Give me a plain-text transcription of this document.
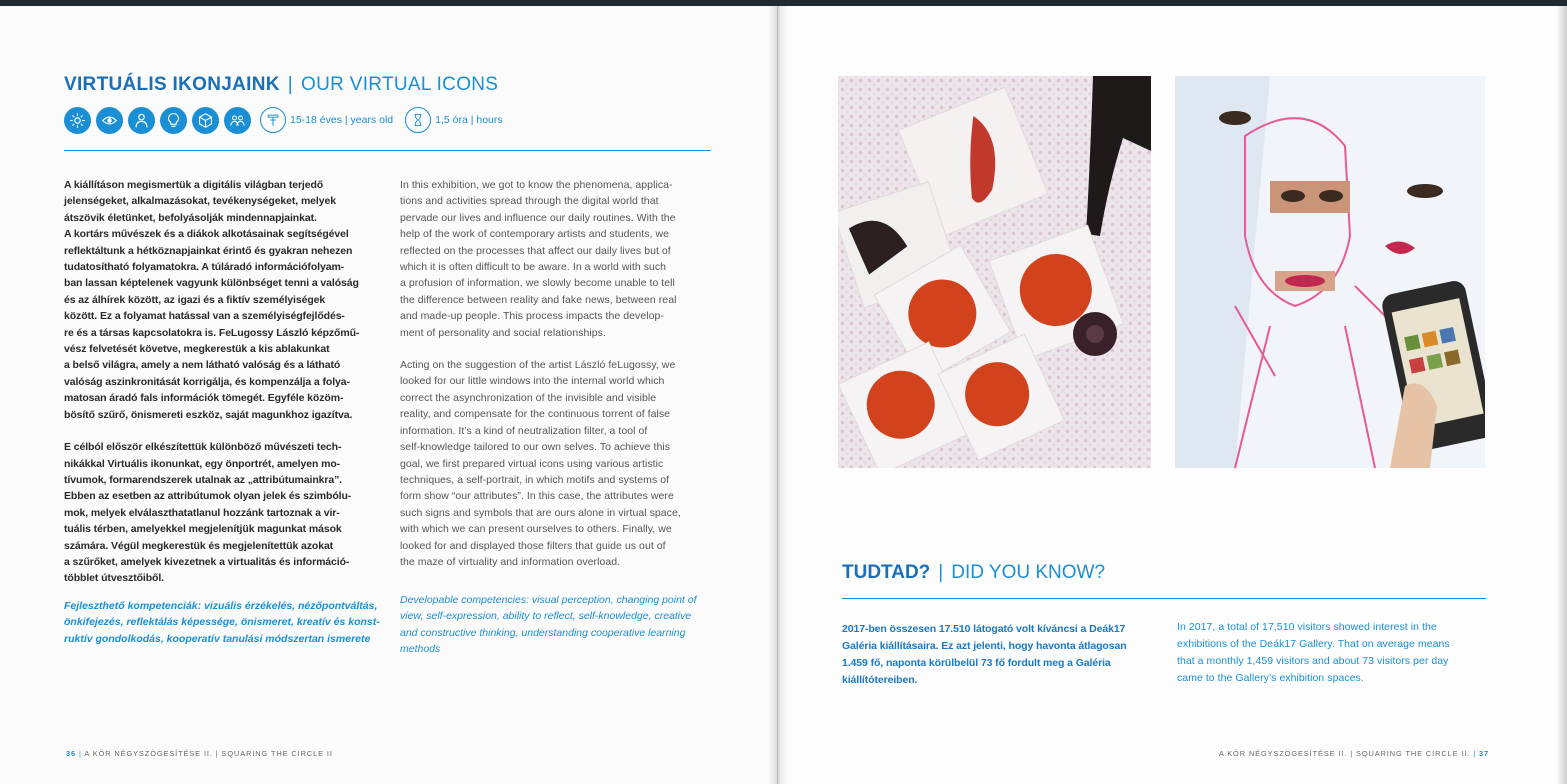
VIRTUÁLIS IKONJAINK | OUR VIRTUAL ICONS
15-18 éves | years old	1,5 óra | hours

A kiállításon megismertük a digitális világban terjedő
jelenségeket, alkalmazásokat, tevékenységeket, melyek
átszövik életünket, befolyásolják mindennapjainkat.
A kortárs művészek és a diákok alkotásainak segítségével
reflektáltunk a hétköznapjainkat érintő és gyakran nehezen
tudatosítható folyamatokra. A túláradó információfolyam-
ban lassan képtelenek vagyunk különbséget tenni a valóság
és az álhírek között, az igazi és a fiktív személyiségek
között. Ez a folyamat hatással van a személyiségfejlődés-
re és a társas kapcsolatokra is. FeLugossy László képzőmű-
vész felvetését követve, megkerestük a kis ablakunkat
a belső világra, amely a nem látható valóság és a látható
valóság aszinkronitását korrigálja, és kompenzálja a folya-
matosan áradó fals információk tömegét. Egyféle közöm-
bösítő szűrő, önismereti eszköz, saját magunkhoz igazítva.

E célból először elkészítettük különböző művészeti tech-
nikákkal Virtuális ikonunkat, egy önportrét, amelyen mo-
tívumok, formarendszerek utalnak az „attribútumainkra”.
Ebben az esetben az attribútumok olyan jelek és szimbólu-
mok, melyek elválaszthatatlanul hozzánk tartoznak a vir-
tuális térben, amelyekkel megjelenítjük magunkat mások
számára. Végül megkerestük és megjelenítettük azokat
a szűrőket, amelyek kivezetnek a virtualitás és információ-
többlet útvesztőiből.

In this exhibition, we got to know the phenomena, applica-
tions and activities spread through the digital world that
pervade our lives and influence our daily routines. With the
help of the work of contemporary artists and students, we
reflected on the processes that affect our daily lives but of
which it is often difficult to be aware. In a world with such
a profusion of information, we slowly become unable to tell
the difference between reality and fake news, between real
and made-up people. This process impacts the develop-
ment of personality and social relationships.

Acting on the suggestion of the artist László feLugossy, we
looked for our little windows into the internal world which
correct the asynchronization of the invisible and visible
reality, and compensate for the continuous torrent of false
information. It’s a kind of neutralization filter, a tool of
self-knowledge tailored to our own selves. To achieve this
goal, we first prepared virtual icons using various artistic
techniques, a self-portrait, in which motifs and systems of
form show “our attributes”. In this case, the attributes were
such signs and symbols that are ours alone in virtual space,
with which we can present ourselves to others. Finally, we
looked for and displayed those filters that guide us out of
the maze of virtuality and information overload.

Fejleszthető kompetenciák: vizuális érzékelés, nézőpontváltás,
önkifejezés, reflektálás képessége, önismeret, kreatív és konst-
ruktív gondolkodás, kooperatív tanulási módszertan ismerete
Developable competencies: visual perception, changing point of
view, self-expression, ability to reflect, self-knowledge, creative
and constructive thinking, understanding cooperative learning
methods
36 | A KÖR NÉGYSZÖGESÍTÉSE II. | SQUARING THE CIRCLE II
TUDTAD? | DID YOU KNOW?
2017-ben összesen 17.510 látogató volt kíváncsi a Deák17
Galéria kiállításaira. Ez azt jelenti, hogy havonta átlagosan
1.459 fő, naponta körülbelül 73 fő fordult meg a Galéria
kiállítótereiben.
In 2017, a total of 17,510 visitors showed interest in the
exhibitions of the Deák17 Gallery. That on average means
that a monthly 1,459 visitors and about 73 visitors per day
came to the Gallery’s exhibition spaces.
A KÖR NÉGYSZÖGESÍTÉSE II. | SQUARING THE CIRCLE II. | 37
